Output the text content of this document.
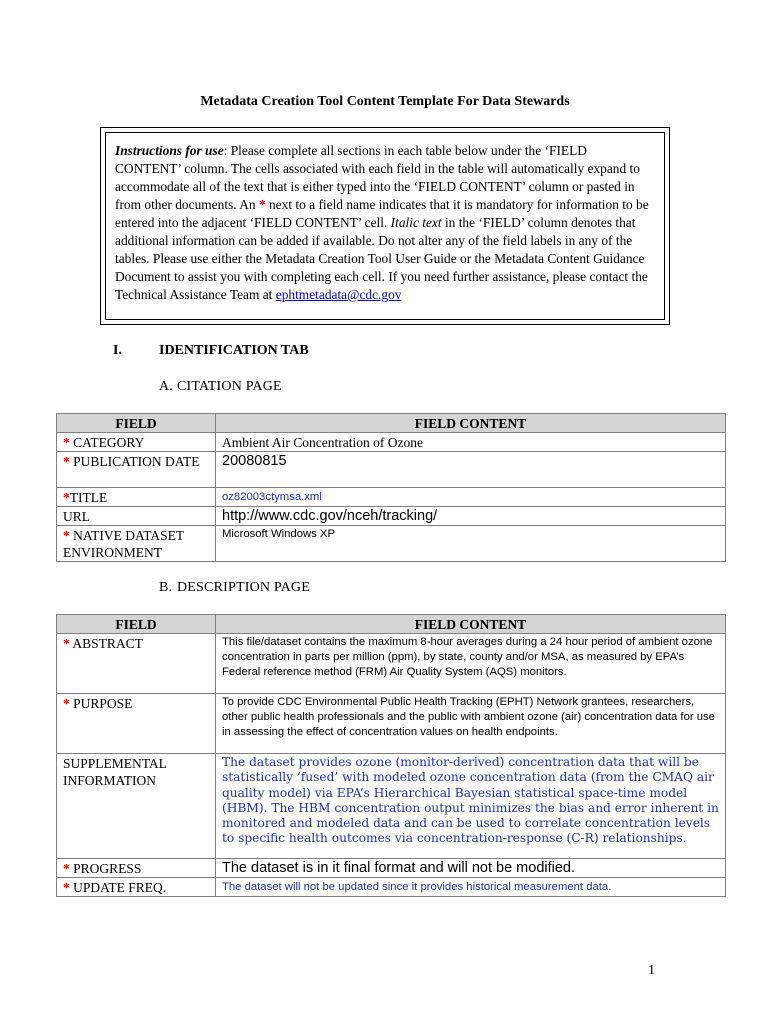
Metadata Creation Tool Content Template For Data Stewards
Instructions for use: Please complete all sections in each table below under the ‘FIELD CONTENT’ column. The cells associated with each field in the table will automatically expand to accommodate all of the text that is either typed into the ‘FIELD CONTENT’ column or pasted in from other documents. An * next to a field name indicates that it is mandatory for information to be entered into the adjacent ‘FIELD CONTENT’ cell. Italic text in the ‘FIELD’ column denotes that additional information can be added if available. Do not alter any of the field labels in any of the tables. Please use either the Metadata Creation Tool User Guide or the Metadata Content Guidance Document to assist you with completing each cell. If you need further assistance, please contact the Technical Assistance Team at ephtmetadata@cdc.gov
I.	IDENTIFICATION TAB
A. CITATION PAGE
FIELD	FIELD CONTENT
* CATEGORY	Ambient Air Concentration of Ozone
* PUBLICATION DATE	20080815
*TITLE	oz82003ctymsa.xml
URL	http://www.cdc.gov/nceh/tracking/
* NATIVE DATASET ENVIRONMENT	Microsoft Windows XP
B. DESCRIPTION PAGE
FIELD	FIELD CONTENT
* ABSTRACT	This file/dataset contains the maximum 8-hour averages during a 24 hour period of ambient ozone concentration in parts per million (ppm), by state, county and/or MSA, as measured by EPA’s Federal reference method (FRM) Air Quality System (AQS) monitors.
* PURPOSE	To provide CDC Environmental Public Health Tracking (EPHT) Network grantees, researchers, other public health professionals and the public with ambient ozone (air) concentration data for use in assessing the effect of concentration values on health endpoints.
SUPPLEMENTAL INFORMATION	The dataset provides ozone (monitor-derived) concentration data that will be statistically ‘fused’ with modeled ozone concentration data (from the CMAQ air quality model) via EPA’s Hierarchical Bayesian statistical space-time model (HBM). The HBM concentration output minimizes the bias and error inherent in monitored and modeled data and can be used to correlate concentration levels to specific health outcomes via concentration-response (C-R) relationships.
* PROGRESS	The dataset is in it final format and will not be modified.
* UPDATE FREQ.	The dataset will not be updated since it provides historical measurement data.
1
